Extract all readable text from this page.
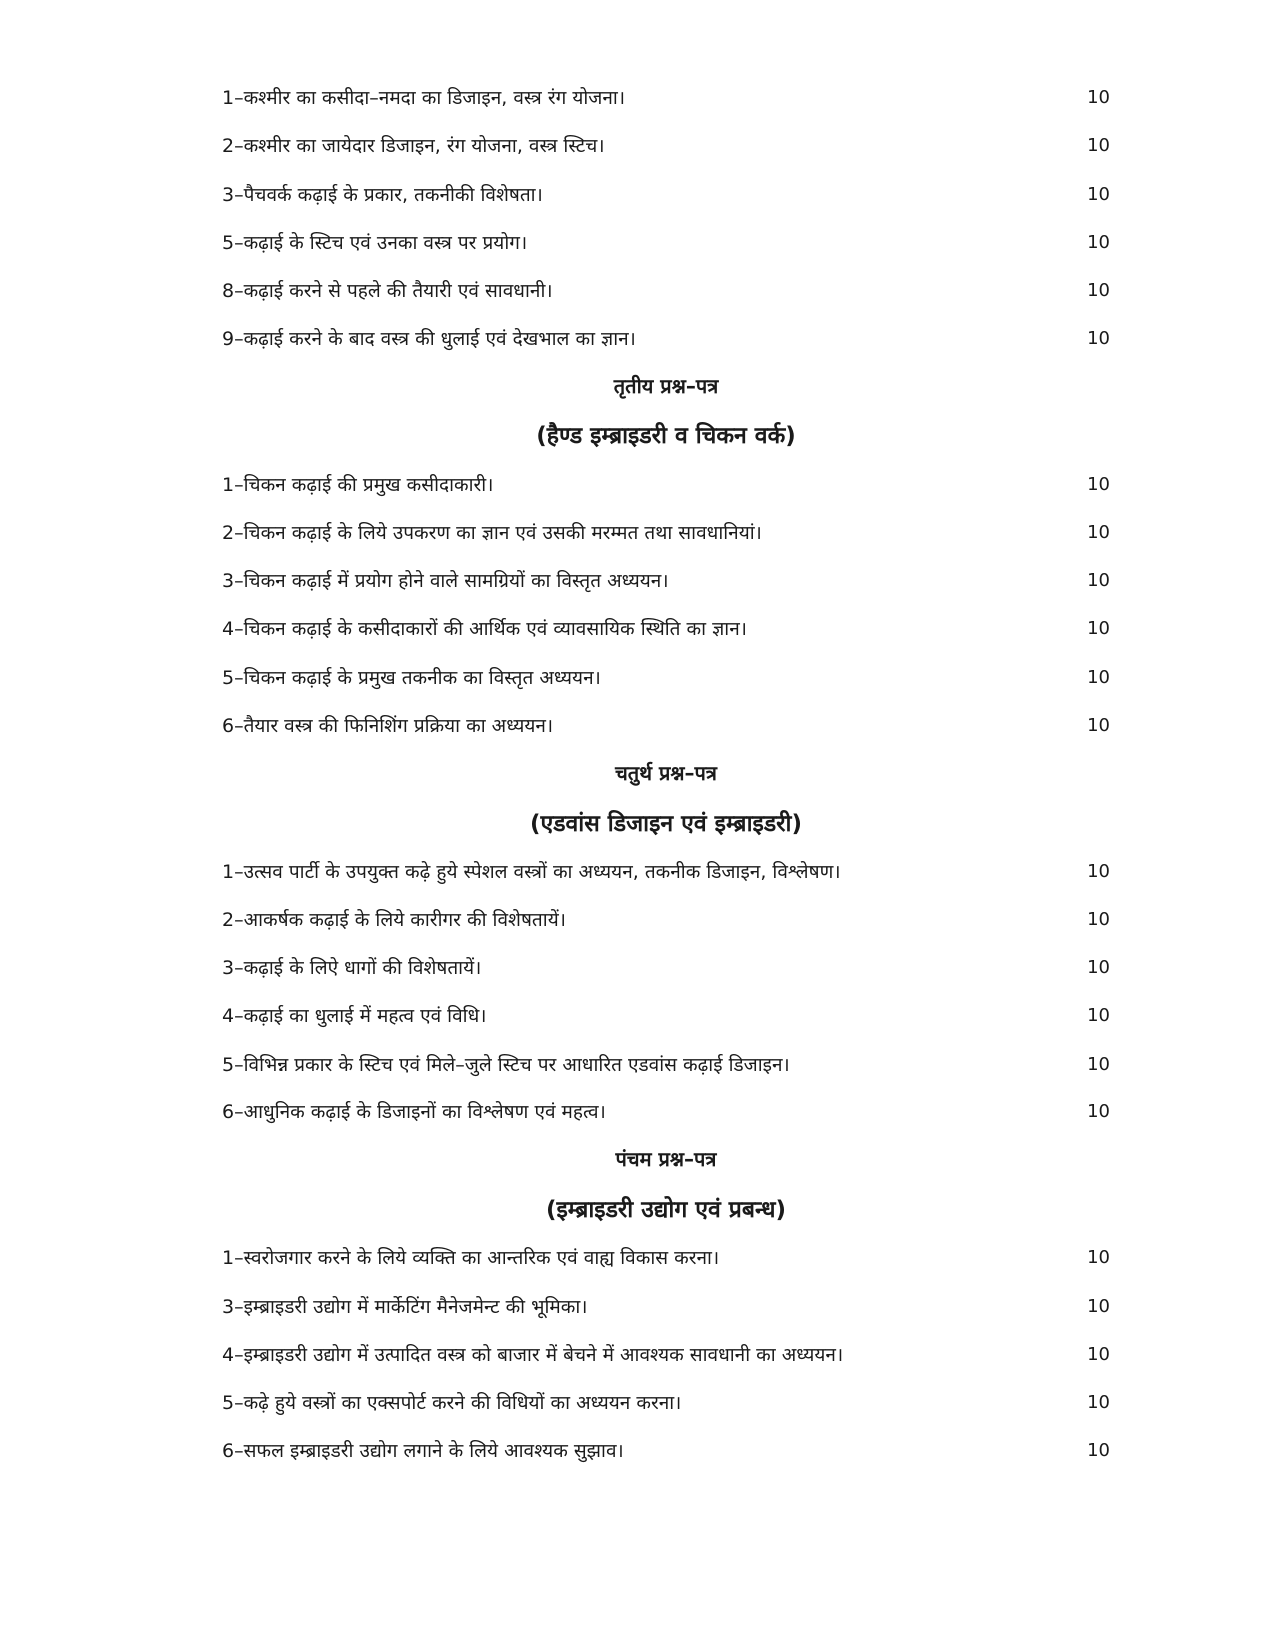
1–कश्मीर का कसीदा–नमदा का डिजाइन, वस्त्र रंग योजना।	10
2–कश्मीर का जायेदार डिजाइन, रंग योजना, वस्त्र स्टिच।	10
3–पैचवर्क कढ़ाई के प्रकार, तकनीकी विशेषता।	10
5–कढ़ाई के स्टिच एवं उनका वस्त्र पर प्रयोग।	10
8–कढ़ाई करने से पहले की तैयारी एवं सावधानी।	10
9–कढ़ाई करने के बाद वस्त्र की धुलाई एवं देखभाल का ज्ञान।	10
तृतीय प्रश्न–पत्र
(हैण्ड इम्ब्राइडरी व चिकन वर्क)
1–चिकन कढ़ाई की प्रमुख कसीदाकारी।	10
2–चिकन कढ़ाई के लिये उपकरण का ज्ञान एवं उसकी मरम्मत तथा सावधानियां।	10
3–चिकन कढ़ाई में प्रयोग होने वाले सामग्रियों का विस्तृत अध्ययन।	10
4–चिकन कढ़ाई के कसीदाकारों की आर्थिक एवं व्यावसायिक स्थिति का ज्ञान।	10
5–चिकन कढ़ाई के प्रमुख तकनीक का विस्तृत अध्ययन।	10
6–तैयार वस्त्र की फिनिशिंग प्रक्रिया का अध्ययन।	10
चतुर्थ प्रश्न–पत्र
(एडवांस डिजाइन एवं इम्ब्राइडरी)
1–उत्सव पार्टी के उपयुक्त कढ़े हुये स्पेशल वस्त्रों का अध्ययन, तकनीक डिजाइन, विश्लेषण।	10
2–आकर्षक कढ़ाई के लिये कारीगर की विशेषतायें।	10
3–कढ़ाई के लिऐ धागों की विशेषतायें।	10
4–कढ़ाई का धुलाई में महत्व एवं विधि।	10
5–विभिन्न प्रकार के स्टिच एवं मिले–जुले स्टिच पर आधारित एडवांस कढ़ाई डिजाइन।	10
6–आधुनिक कढ़ाई के डिजाइनों का विश्लेषण एवं महत्व।	10
पंचम प्रश्न–पत्र
(इम्ब्राइडरी उद्योग एवं प्रबन्ध)
1–स्वरोजगार करने के लिये व्यक्ति का आन्तरिक एवं वाह्य विकास करना।	10
3–इम्ब्राइडरी उद्योग में मार्केटिंग मैनेजमेन्ट की भूमिका।	10
4–इम्ब्राइडरी उद्योग में उत्पादित वस्त्र को बाजार में बेचने में आवश्यक सावधानी का अध्ययन।	10
5–कढ़े हुये वस्त्रों का एक्सपोर्ट करने की विधियों का अध्ययन करना।	10
6–सफल इम्ब्राइडरी उद्योग लगाने के लिये आवश्यक सुझाव।	10
